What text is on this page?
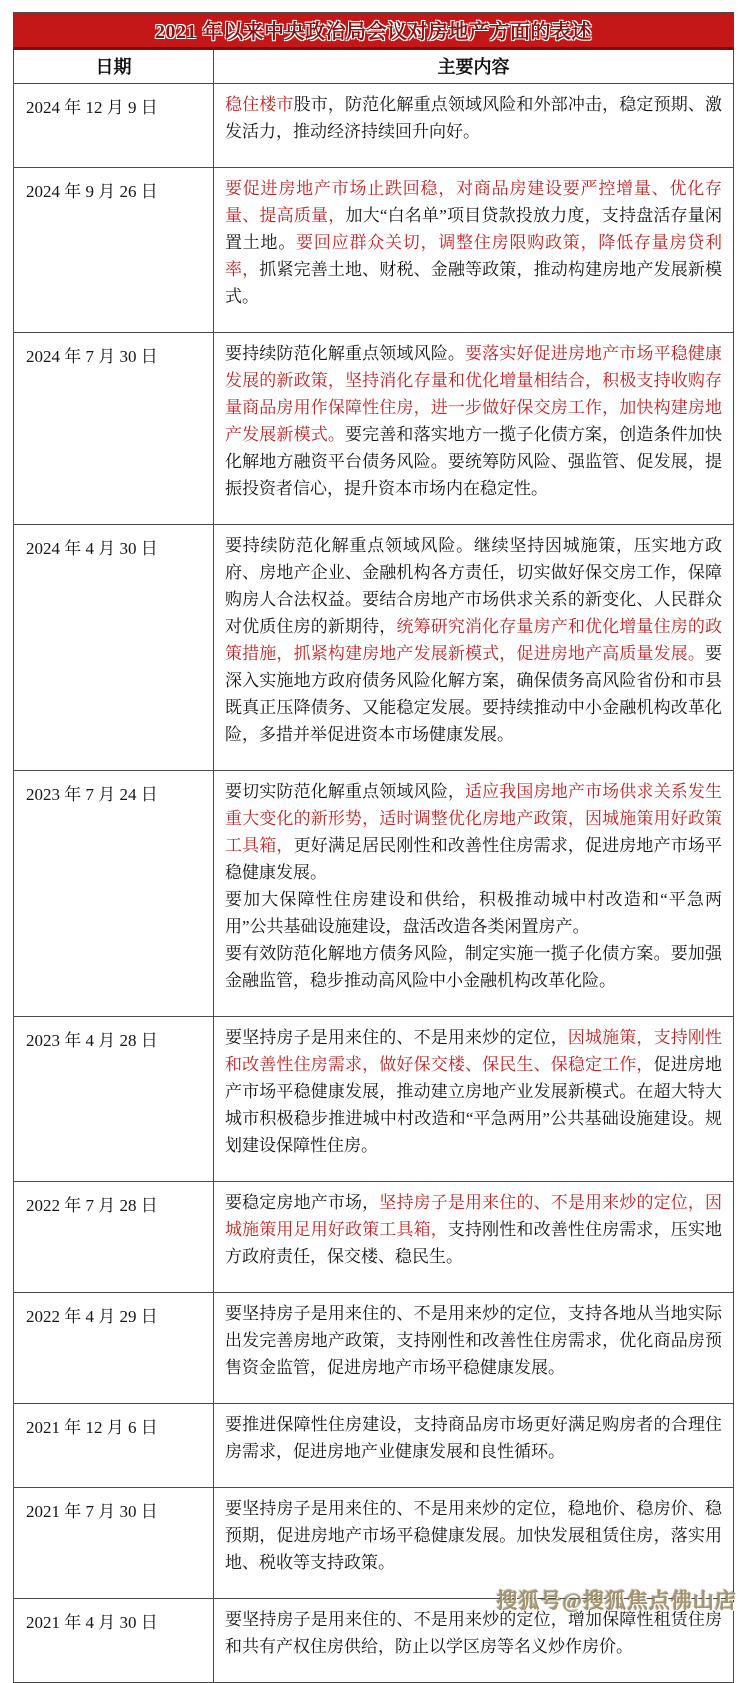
2021 年以来中央政治局会议对房地产方面的表述
日期	主要内容
2024 年 12 月 9 日	稳住楼市股市，防范化解重点领域风险和外部冲击，稳定预期、激发活力，推动经济持续回升向好。

2024 年 9 月 26 日	要促进房地产市场止跌回稳，对商品房建设要严控增量、优化存量、提高质量，加大“白名单”项目贷款投放力度，支持盘活存量闲置土地。要回应群众关切，调整住房限购政策，降低存量房贷利率，抓紧完善土地、财税、金融等政策，推动构建房地产发展新模式。

2024 年 7 月 30 日	要持续防范化解重点领域风险。要落实好促进房地产市场平稳健康发展的新政策，坚持消化存量和优化增量相结合，积极支持收购存量商品房用作保障性住房，进一步做好保交房工作，加快构建房地产发展新模式。要完善和落实地方一揽子化债方案，创造条件加快化解地方融资平台债务风险。要统筹防风险、强监管、促发展，提振投资者信心，提升资本市场内在稳定性。

2024 年 4 月 30 日	要持续防范化解重点领域风险。继续坚持因城施策，压实地方政府、房地产企业、金融机构各方责任，切实做好保交房工作，保障购房人合法权益。要结合房地产市场供求关系的新变化、人民群众对优质住房的新期待，统筹研究消化存量房产和优化增量住房的政策措施，抓紧构建房地产发展新模式，促进房地产高质量发展。要深入实施地方政府债务风险化解方案，确保债务高风险省份和市县既真正压降债务、又能稳定发展。要持续推动中小金融机构改革化险，多措并举促进资本市场健康发展。

2023 年 7 月 24 日	要切实防范化解重点领域风险，适应我国房地产市场供求关系发生重大变化的新形势，适时调整优化房地产政策，因城施策用好政策工具箱，更好满足居民刚性和改善性住房需求，促进房地产市场平稳健康发展。

要加大保障性住房建设和供给，积极推动城中村改造和“平急两用”公共基础设施建设，盘活改造各类闲置房产。

要有效防范化解地方债务风险，制定实施一揽子化债方案。要加强金融监管，稳步推动高风险中小金融机构改革化险。

2023 年 4 月 28 日	要坚持房子是用来住的、不是用来炒的定位，因城施策，支持刚性和改善性住房需求，做好保交楼、保民生、保稳定工作，促进房地产市场平稳健康发展，推动建立房地产业发展新模式。在超大特大城市积极稳步推进城中村改造和“平急两用”公共基础设施建设。规划建设保障性住房。

2022 年 7 月 28 日	要稳定房地产市场，坚持房子是用来住的、不是用来炒的定位，因城施策用足用好政策工具箱，支持刚性和改善性住房需求，压实地方政府责任，保交楼、稳民生。

2022 年 4 月 29 日	要坚持房子是用来住的、不是用来炒的定位，支持各地从当地实际出发完善房地产政策，支持刚性和改善性住房需求，优化商品房预售资金监管，促进房地产市场平稳健康发展。

2021 年 12 月 6 日	要推进保障性住房建设，支持商品房市场更好满足购房者的合理住房需求，促进房地产业健康发展和良性循环。

2021 年 7 月 30 日	要坚持房子是用来住的、不是用来炒的定位，稳地价、稳房价、稳预期，促进房地产市场平稳健康发展。加快发展租赁住房，落实用地、税收等支持政策。

2021 年 4 月 30 日	要坚持房子是用来住的、不是用来炒的定位，增加保障性租赁住房和共有产权住房供给，防止以学区房等名义炒作房价。

搜狐号@搜狐焦点佛山店
